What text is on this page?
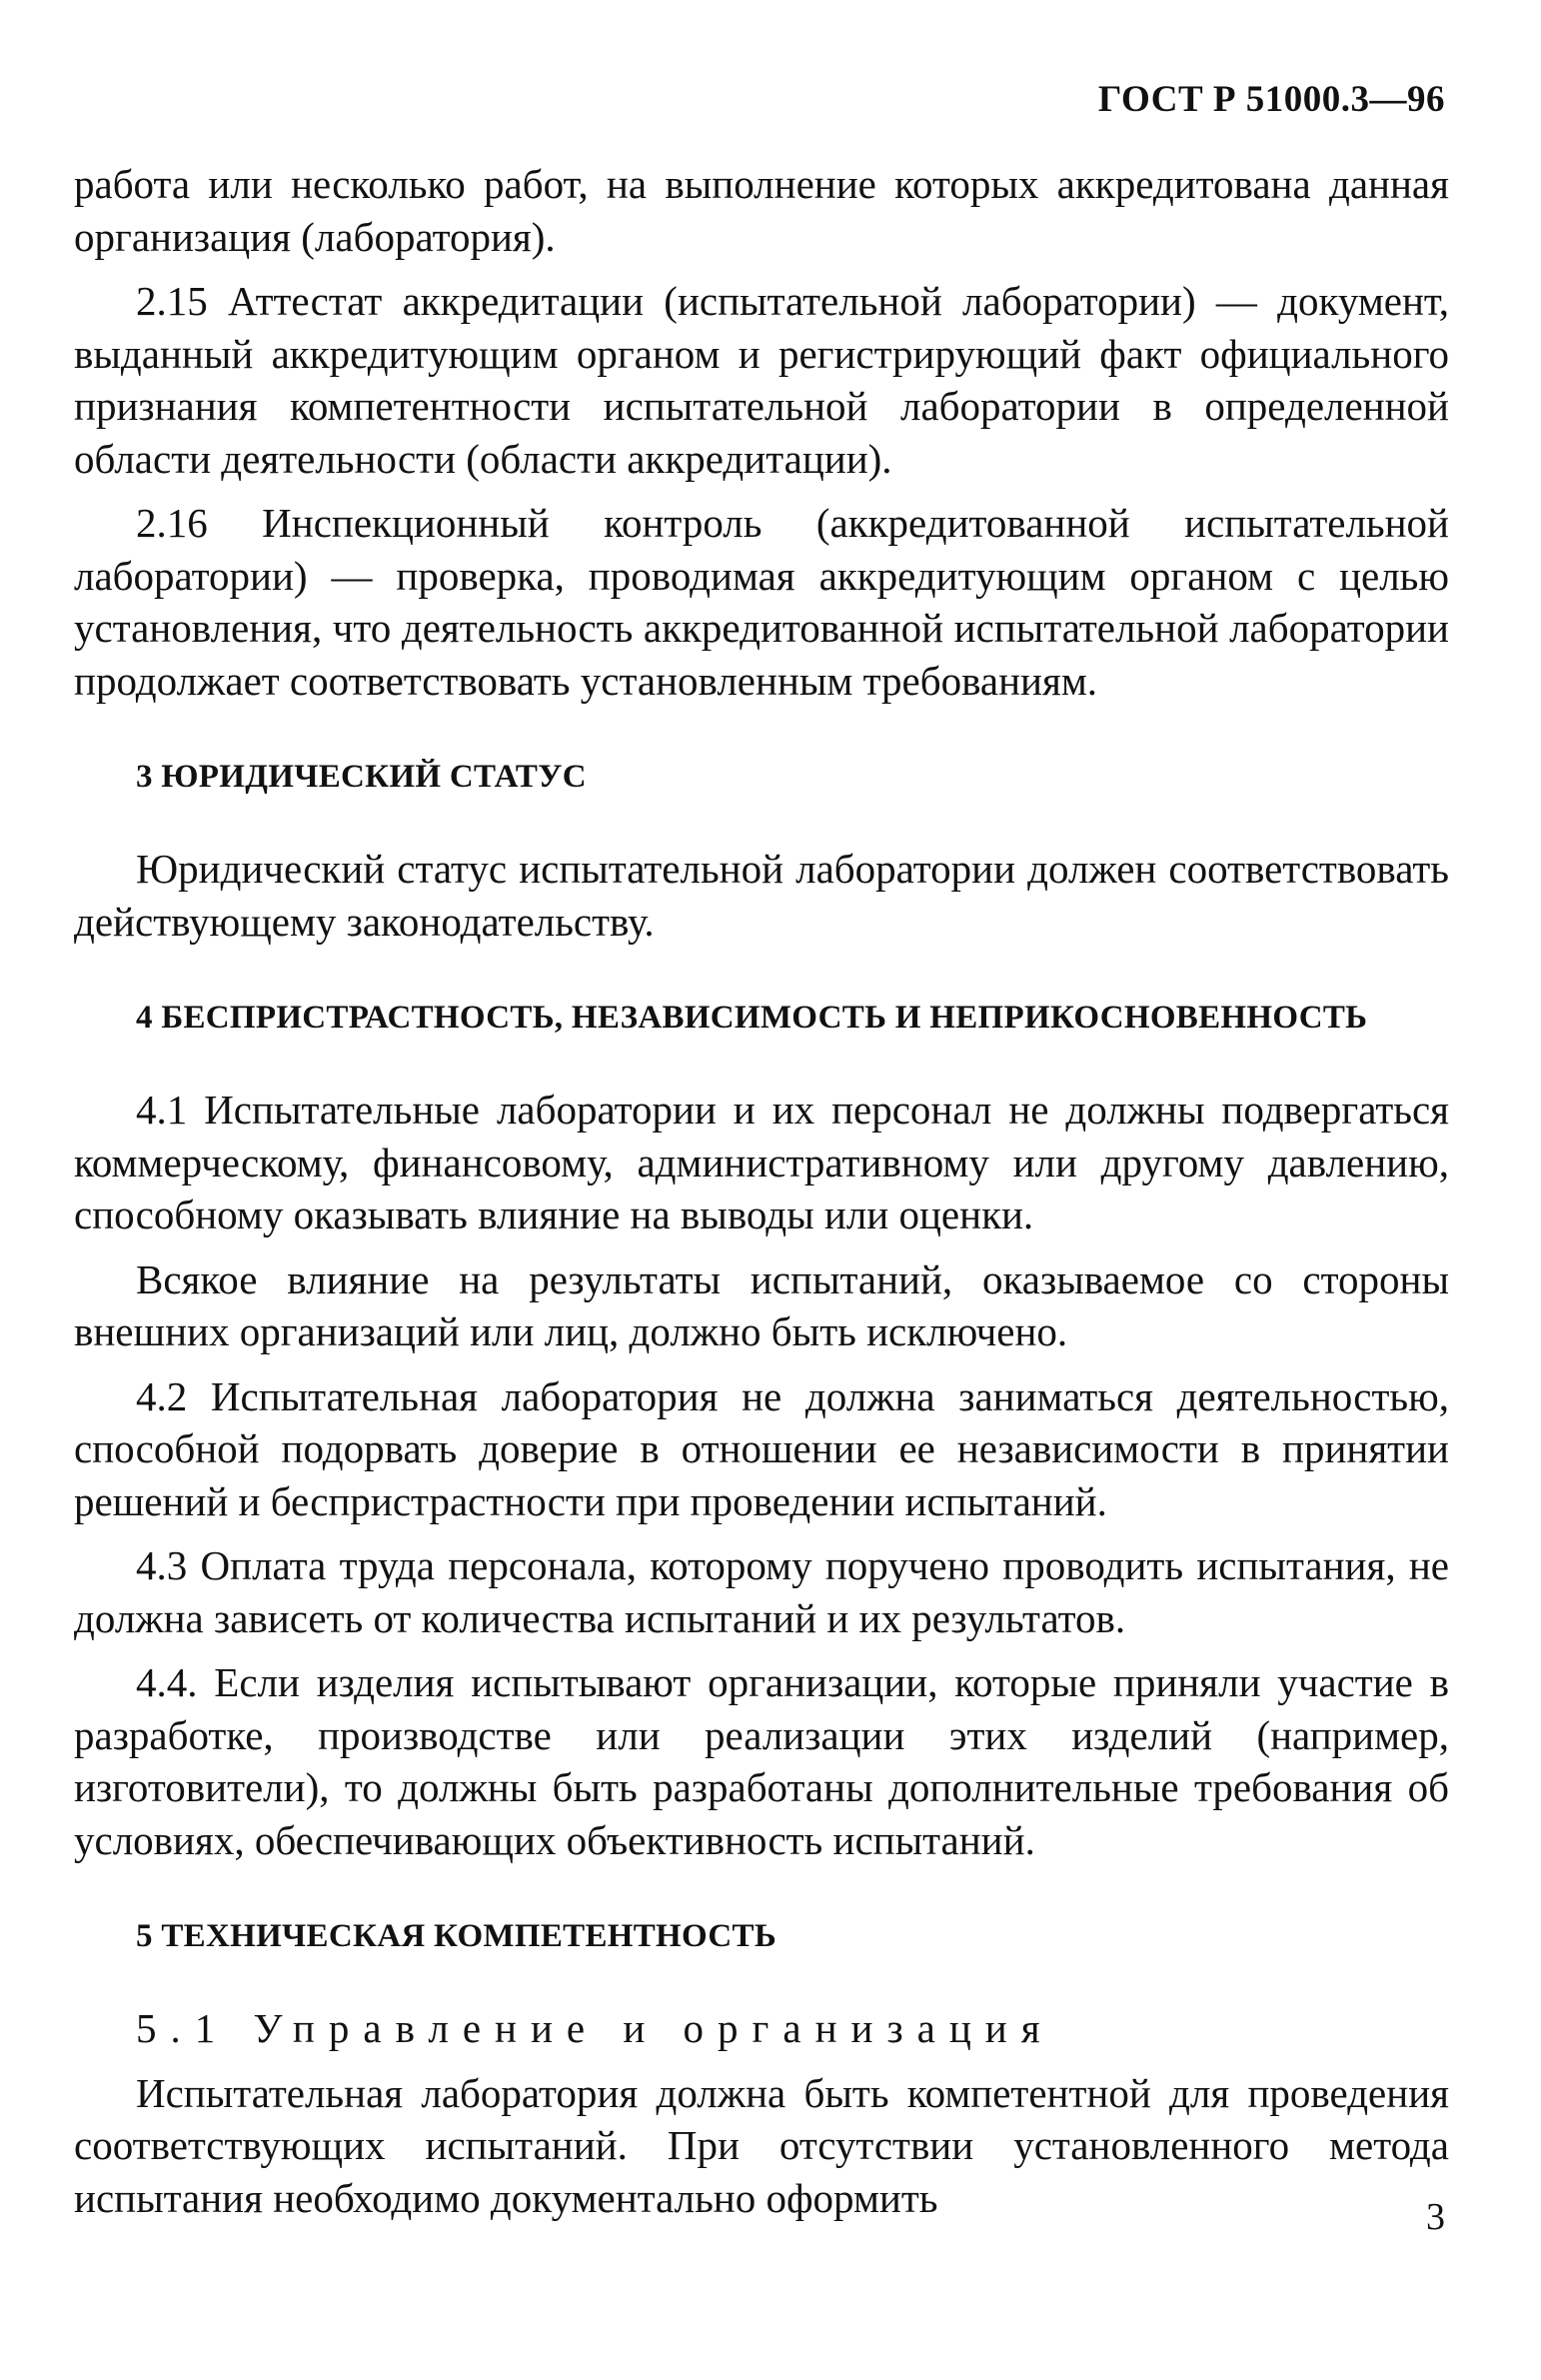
ГОСТ Р 51000.3—96

работа или несколько работ, на выполнение которых аккредитована данная организация (лаборатория).

2.15 Аттестат аккредитации (испытательной лаборатории) — документ, выданный аккредитующим органом и регистрирующий факт официального признания компетентности испытательной лаборатории в определенной области деятельности (области аккредитации).

2.16 Инспекционный контроль (аккредитованной испытательной лаборатории) — проверка, проводимая аккредитующим органом с целью установления, что деятельность аккредитованной испытательной лаборатории продолжает соответствовать установленным требованиям.

3 ЮРИДИЧЕСКИЙ СТАТУС

Юридический статус испытательной лаборатории должен соответствовать действующему законодательству.

4 БЕСПРИСТРАСТНОСТЬ, НЕЗАВИСИМОСТЬ И НЕПРИКОСНОВЕННОСТЬ

4.1 Испытательные лаборатории и их персонал не должны подвергаться коммерческому, финансовому, административному или другому давлению, способному оказывать влияние на выводы или оценки.

Всякое влияние на результаты испытаний, оказываемое со стороны внешних организаций или лиц, должно быть исключено.

4.2 Испытательная лаборатория не должна заниматься деятельностью, способной подорвать доверие в отношении ее независимости в принятии решений и беспристрастности при проведении испытаний.

4.3 Оплата труда персонала, которому поручено проводить испытания, не должна зависеть от количества испытаний и их результатов.

4.4. Если изделия испытывают организации, которые приняли участие в разработке, производстве или реализации этих изделий (например, изготовители), то должны быть разработаны дополнительные требования об условиях, обеспечивающих объективность испытаний.

5 ТЕХНИЧЕСКАЯ КОМПЕТЕНТНОСТЬ

5.1 Управление и организация

Испытательная лаборатория должна быть компетентной для проведения соответствующих испытаний. При отсутствии установленного метода испытания необходимо документально оформить	3
